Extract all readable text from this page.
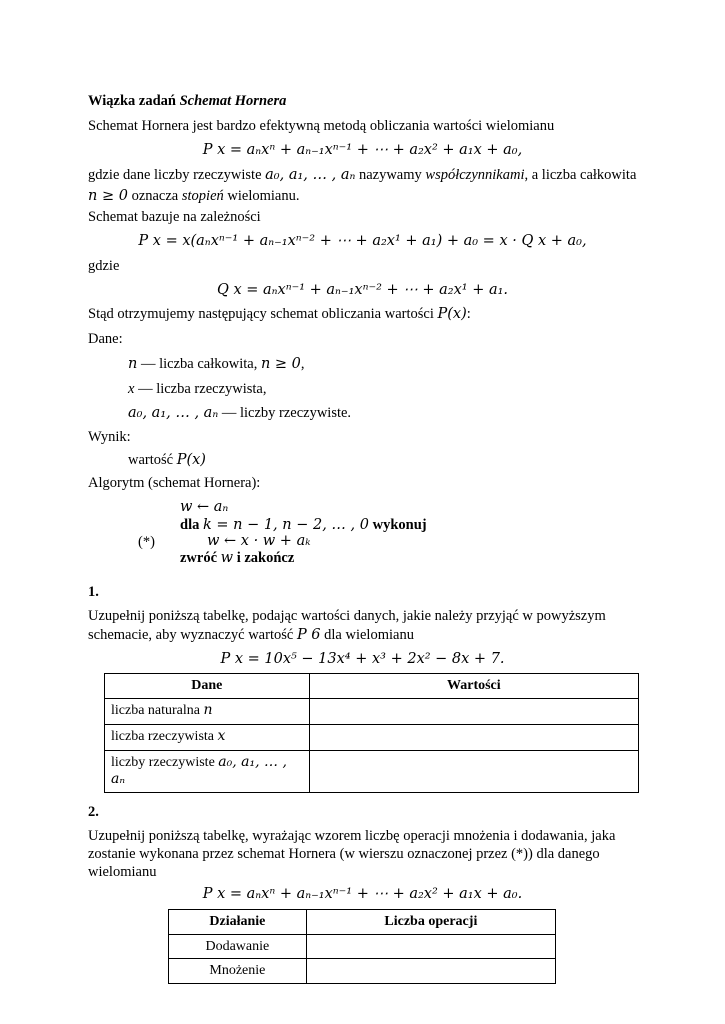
Wiązka zadań Schemat Hornera
Schemat Hornera jest bardzo efektywną metodą obliczania wartości wielomianu
𝑃 𝑥 = 𝑎ₙ𝑥ⁿ + 𝑎ₙ₋₁𝑥ⁿ⁻¹ + ⋯ + 𝑎₂𝑥² + 𝑎₁𝑥 + 𝑎₀,
gdzie dane liczby rzeczywiste 𝑎₀, 𝑎₁, … , 𝑎ₙ nazywamy współczynnikami, a liczba całkowita
𝑛 ≥ 0 oznacza stopień wielomianu.
Schemat bazuje na zależności
𝑃 𝑥 = 𝑥(𝑎ₙ𝑥ⁿ⁻¹ + 𝑎ₙ₋₁𝑥ⁿ⁻² + ⋯ + 𝑎₂𝑥¹ + 𝑎₁) + 𝑎₀ = 𝑥 · 𝑄 𝑥 + 𝑎₀,
gdzie
𝑄 𝑥 = 𝑎ₙ𝑥ⁿ⁻¹ + 𝑎ₙ₋₁𝑥ⁿ⁻² + ⋯ + 𝑎₂𝑥¹ + 𝑎₁.
Stąd otrzymujemy następujący schemat obliczania wartości 𝑃(𝑥):
Dane:
𝑛 — liczba całkowita, 𝑛 ≥ 0,
x — liczba rzeczywista,
𝑎₀, 𝑎₁, … , 𝑎ₙ — liczby rzeczywiste.
Wynik:
wartość 𝑃(𝑥)
Algorytm (schemat Hornera):
𝑤 ← 𝑎ₙ
dla 𝑘 = 𝑛 − 1, 𝑛 − 2, … , 0 wykonuj
(*)	𝑤 ← 𝑥 · 𝑤 + 𝑎ₖ
zwróć 𝑤 i zakończ
1.
Uzupełnij poniższą tabelkę, podając wartości danych, jakie należy przyjąć w powyższym
schemacie, aby wyznaczyć wartość 𝑃 6 dla wielomianu
𝑃 𝑥 = 10𝑥⁵ − 13𝑥⁴ + 𝑥³ + 2𝑥² − 8𝑥 + 7.
Dane	Wartości
liczba naturalna 𝑛	
liczba rzeczywista 𝑥	
liczby rzeczywiste 𝑎₀, 𝑎₁, … , 𝑎ₙ	
2.
Uzupełnij poniższą tabelkę, wyrażając wzorem liczbę operacji mnożenia i dodawania, jaka
zostanie wykonana przez schemat Hornera (w wierszu oznaczonej przez (*)) dla danego
wielomianu
𝑃 𝑥 = 𝑎ₙ𝑥ⁿ + 𝑎ₙ₋₁𝑥ⁿ⁻¹ + ⋯ + 𝑎₂𝑥² + 𝑎₁𝑥 + 𝑎₀.
Działanie	Liczba operacji
Dodawanie	
Mnożenie	
